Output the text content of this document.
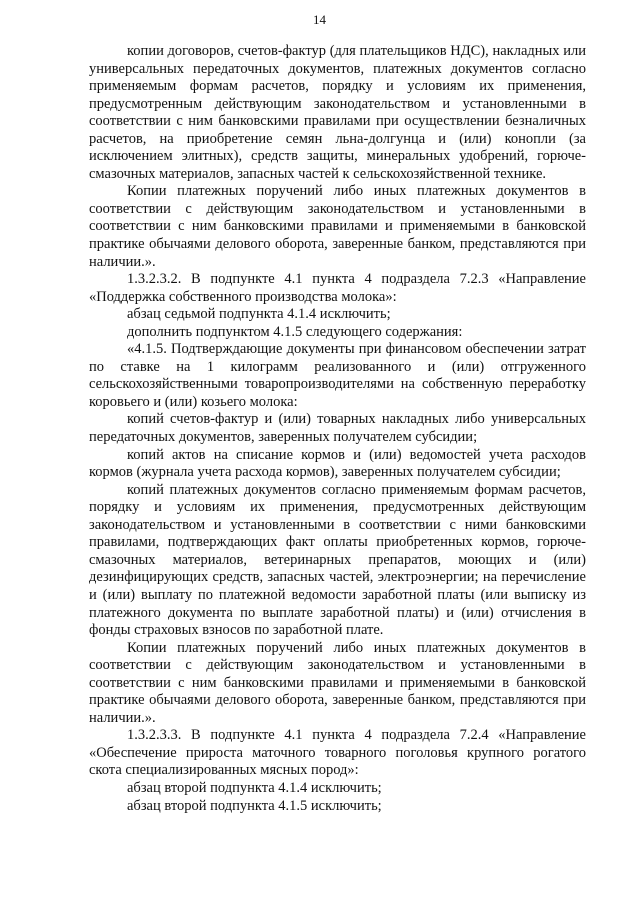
14

копии договоров, счетов-фактур (для плательщиков НДС), накладных или универсальных передаточных документов, платежных документов согласно применяемым формам расчетов, порядку и условиям их применения, предусмотренным действующим законодательством и установленными в соответствии с ним банковскими правилами при осуществлении безналичных расчетов, на приобретение семян льна-долгунца и (или) конопли (за исключением элитных), средств защиты, минеральных удобрений, горюче-смазочных материалов, запасных частей к сельскохозяйственной технике.

Копии платежных поручений либо иных платежных документов в соответствии с действующим законодательством и установленными в соответствии с ним банковскими правилами и применяемыми в банковской практике обычаями делового оборота, заверенные банком, представляются при наличии.».

1.3.2.3.2. В подпункте 4.1 пункта 4 подраздела 7.2.3 «Направление «Поддержка собственного производства молока»:

абзац седьмой подпункта 4.1.4 исключить;

дополнить подпунктом 4.1.5 следующего содержания:

«4.1.5. Подтверждающие документы при финансовом обеспечении затрат по ставке на 1 килограмм реализованного и (или) отгруженного сельскохозяйственными товаропроизводителями на собственную переработку коровьего и (или) козьего молока:

копий счетов-фактур и (или) товарных накладных либо универсальных передаточных документов, заверенных получателем субсидии;

копий актов на списание кормов и (или) ведомостей учета расходов кормов (журнала учета расхода кормов), заверенных получателем субсидии;

копий платежных документов согласно применяемым формам расчетов, порядку и условиям их применения, предусмотренных действующим законодательством и установленными в соответствии с ними банковскими правилами, подтверждающих факт оплаты приобретенных кормов, горюче-смазочных материалов, ветеринарных препаратов, моющих и (или) дезинфицирующих средств, запасных частей, электроэнергии; на перечисление и (или) выплату по платежной ведомости заработной платы (или выписку из платежного документа по выплате заработной платы) и (или) отчисления в фонды страховых взносов по заработной плате.

Копии платежных поручений либо иных платежных документов в соответствии с действующим законодательством и установленными в соответствии с ним банковскими правилами и применяемыми в банковской практике обычаями делового оборота, заверенные банком, представляются при наличии.».

1.3.2.3.3. В подпункте 4.1 пункта 4 подраздела 7.2.4 «Направление «Обеспечение прироста маточного товарного поголовья крупного рогатого скота специализированных мясных пород»:

абзац второй подпункта 4.1.4 исключить;

абзац второй подпункта 4.1.5 исключить;
